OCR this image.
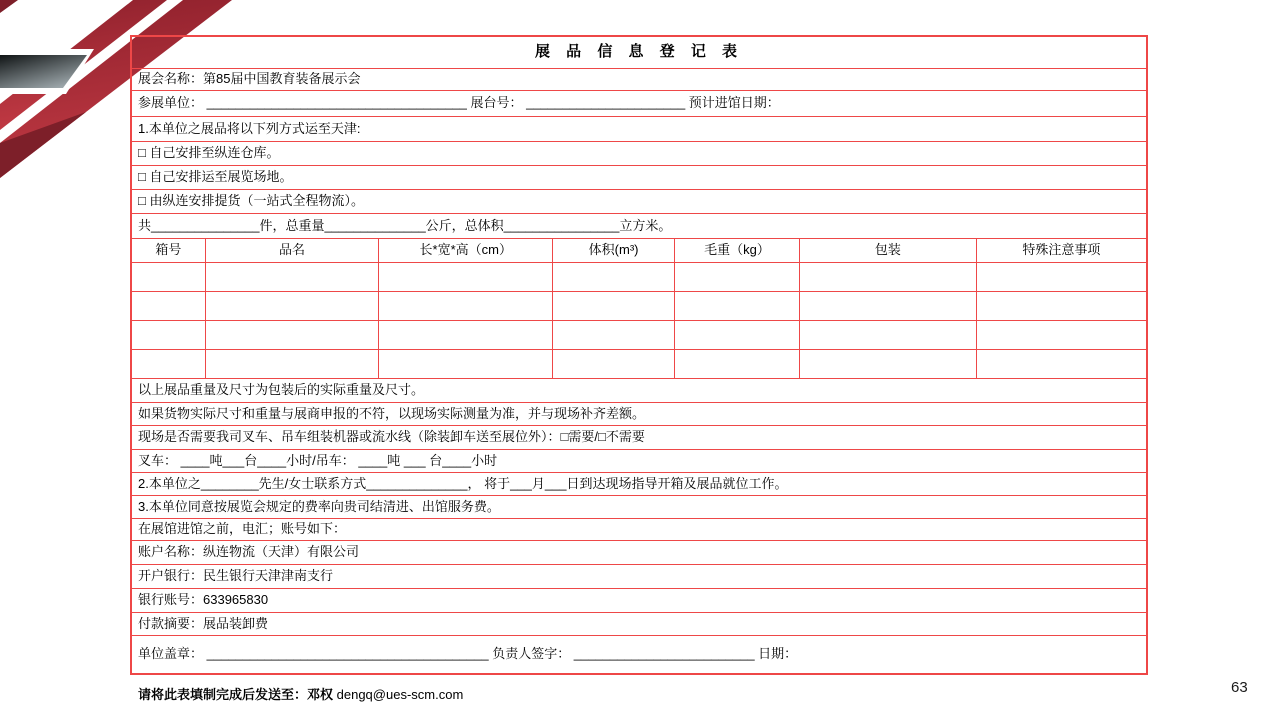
展 品 信 息 登 记 表						
展会名称：第85届中国教育装备展示会						
参展单位： ____________________________________ 展台号： ______________________ 预计进馆日期：						
1.本单位之展品将以下列方式运至天津:						
□ 自己安排至纵连仓库。						
□ 自己安排运至展览场地。						
□ 由纵连安排提货（一站式全程物流）。						
共_______________件，总重量______________公斤，总体积________________立方米。						
箱号	品名	长*宽*高（cm）	体积(m³)	毛重（kg）	包装	特殊注意事项

以上展品重量及尺寸为包装后的实际重量及尺寸。						
如果货物实际尺寸和重量与展商申报的不符，以现场实际测量为准，并与现场补齐差额。						
现场是否需要我司叉车、吊车组装机器或流水线（除装卸车送至展位外）：□需要/□不需要						
叉车： ____吨___台____小时/吊车： ____吨 ___ 台____小时						
2.本单位之________先生/女士联系方式______________， 将于___月___日到达现场指导开箱及展品就位工作。						
3.本单位同意按展览会规定的费率向贵司结清进、出馆服务费。						
在展馆进馆之前，电汇；账号如下：						
账户名称：纵连物流（天津）有限公司						
开户银行：民生银行天津津南支行						
银行账号：633965830						
付款摘要：展品装卸费						
单位盖章： _______________________________________ 负责人签字： _________________________ 日期：						
请将此表填制完成后发送至：邓权 dengq@ues-scm.com	63
